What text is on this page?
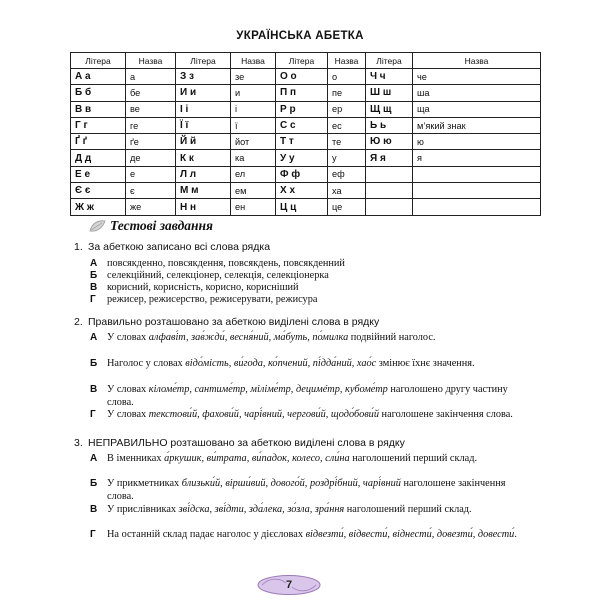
УКРАЇНСЬКА АБЕТКА
Літера	Назва	Літера	Назва	Літера	Назва	Літера	Назва
А а	а	З з	зе	О о	о	Ч ч	че
Б б	бе	И и	и	П п	пе	Ш ш	ша
В в	ве	І і	і	Р р	ер	Щ щ	ща
Г г	ге	Ї ї	ї	С с	ес	Ь ь	м’який знак
Ґ ґ	ґе	Й й	йот	Т т	те	Ю ю	ю
Д д	де	К к	ка	У у	у	Я я	я
Е е	е	Л л	ел	Ф ф	еф		
Є є	є	М м	ем	Х х	ха		
Ж ж	же	Н н	ен	Ц ц	це		
Тестові завдання
1. За абеткою записано всі слова рядка
А повсякденно, повсякдення, повсякдень, повсякденний
Б селекційний, селекціонер, селекція, селекціонерка
В корисний, корисність, корисно, корисніший
Г режисер, режисерство, режисерувати, режисура
2. Правильно розташовано за абеткою виділені слова в рядку
А У словах алфаві́т, зав́жди́, весня́ний, ма́буть, по́милка подвійний наголос.
Б Наголос у словах відо́мість, ви́года, ко́пчений, пі́дда́ний, хао́с змінює їхнє значення.
В У словах кіломе́тр, сантиме́тр, міліме́тр, децимéтр, кубоме́тр наголошено другу частину слова.
Г У словах текстови́й, фахови́й, чарі́вний, чергови́й, щодо́бови́й наголошене закінчення слова.
3. НЕПРАВИЛЬНО розташовано за абеткою виділені слова в рядку
А В іменниках а́ркушик, ви́трата, ви́падок, колесо, сли́на наголошений перший склад.
Б У прикметниках близьки́й, вірши́вий, дового́й, роздрі́бний, чарі́вний наголошене закінчення слова.
В У прислівниках зві́дска, зві́дти, зда́лека, зо́зла, зра́ння наголошений перший склад.
Г На останній склад падає наголос у дієсловах відвезти́, відвести́, віднести́, довезти́, довести́.
7
